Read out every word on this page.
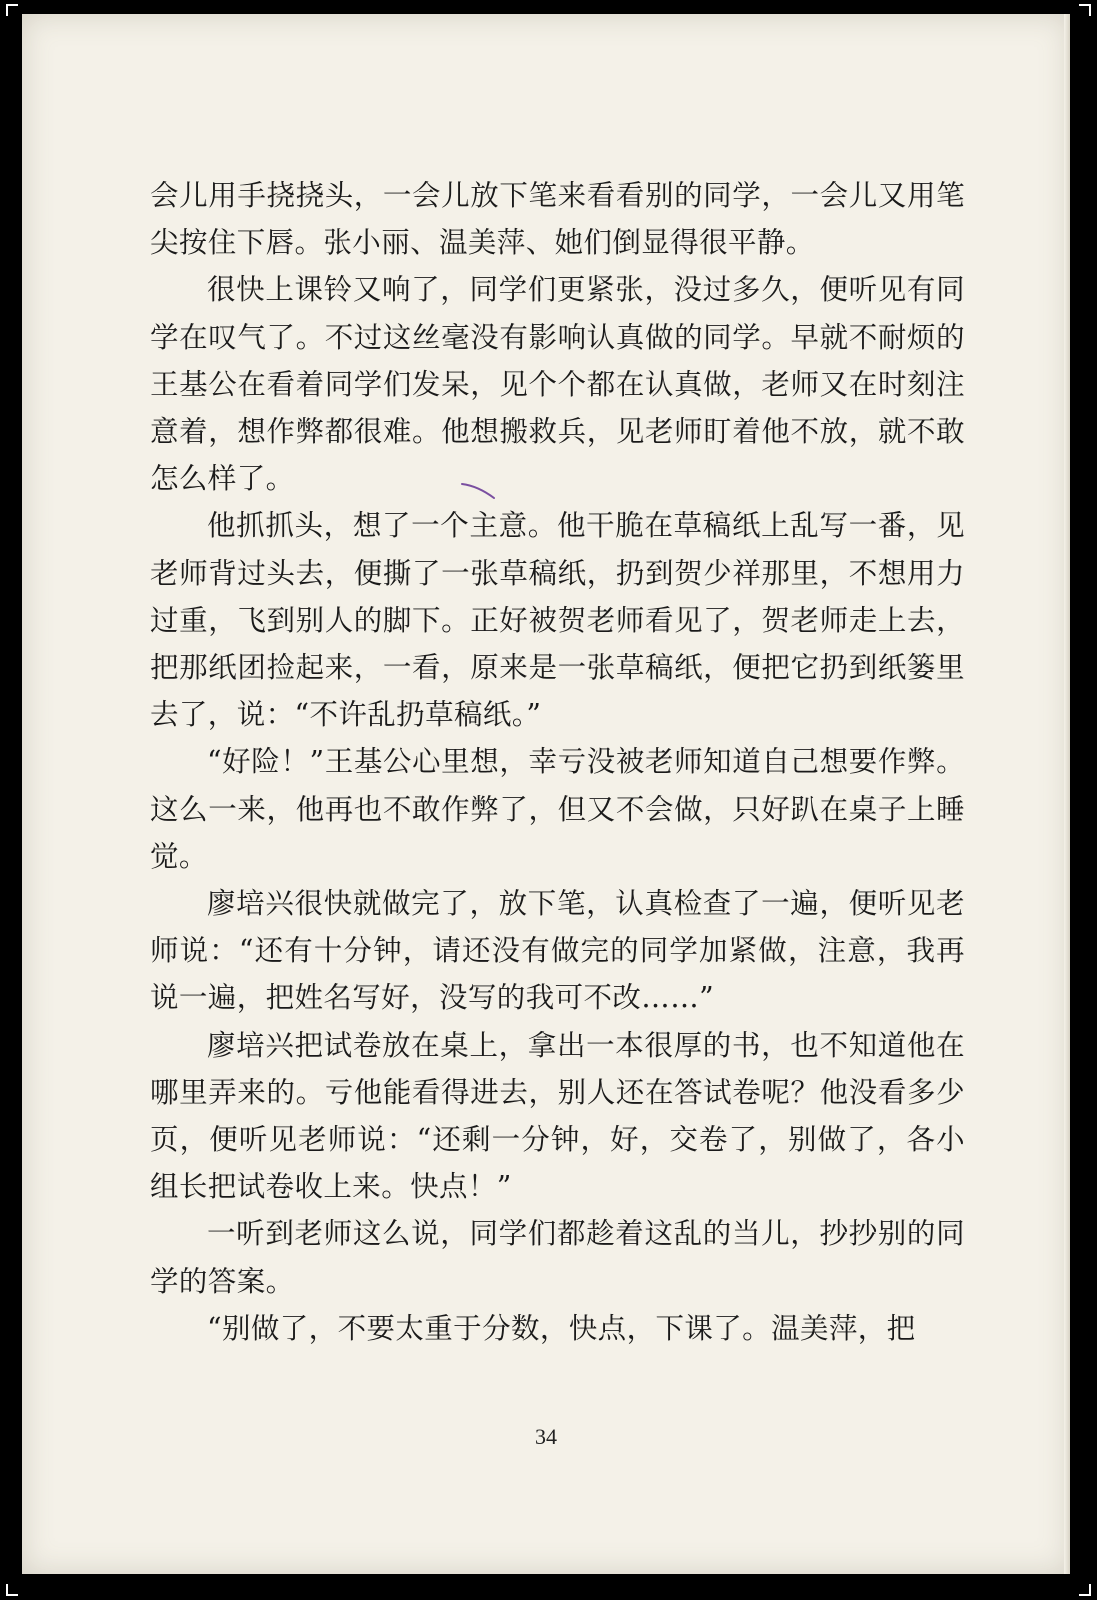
会儿用手挠挠头，一会儿放下笔来看看别的同学，一会儿又用笔尖按住下唇。张小丽、温美萍、她们倒显得很平静。

很快上课铃又响了，同学们更紧张，没过多久，便听见有同学在叹气了。不过这丝毫没有影响认真做的同学。早就不耐烦的王基公在看着同学们发呆，见个个都在认真做，老师又在时刻注意着，想作弊都很难。他想搬救兵，见老师盯着他不放，就不敢怎么样了。

他抓抓头，想了一个主意。他干脆在草稿纸上乱写一番，见老师背过头去，便撕了一张草稿纸，扔到贺少祥那里，不想用力过重，飞到别人的脚下。正好被贺老师看见了，贺老师走上去，把那纸团捡起来，一看，原来是一张草稿纸，便把它扔到纸篓里去了，说：“不许乱扔草稿纸。”

“好险！”王基公心里想，幸亏没被老师知道自己想要作弊。这么一来，他再也不敢作弊了，但又不会做，只好趴在桌子上睡觉。

廖培兴很快就做完了，放下笔，认真检查了一遍，便听见老师说：“还有十分钟，请还没有做完的同学加紧做，注意，我再说一遍，把姓名写好，没写的我可不改……”

廖培兴把试卷放在桌上，拿出一本很厚的书，也不知道他在哪里弄来的。亏他能看得进去，别人还在答试卷呢？他没看多少页，便听见老师说：“还剩一分钟，好，交卷了，别做了，各小组长把试卷收上来。快点！”

一听到老师这么说，同学们都趁着这乱的当儿，抄抄别的同学的答案。

“别做了，不要太重于分数，快点，下课了。温美萍，把

34
